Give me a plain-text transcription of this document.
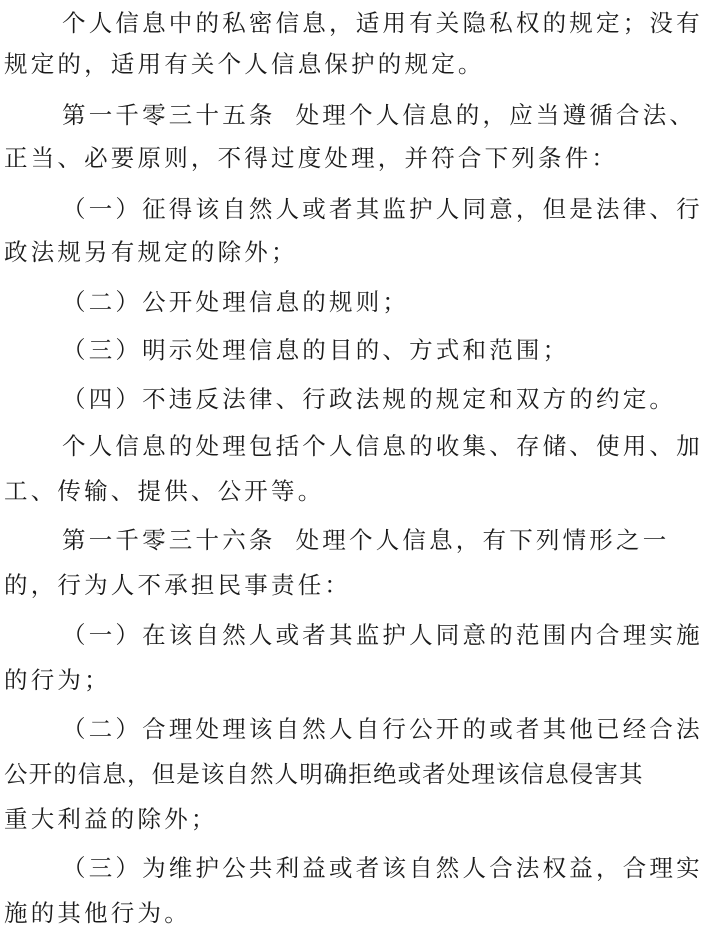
个人信息中的私密信息，适用有关隐私权的规定；没有
规定的，适用有关个人信息保护的规定。
第一千零三十五条 处理个人信息的，应当遵循合法、
正当、必要原则，不得过度处理，并符合下列条件：
（一）征得该自然人或者其监护人同意，但是法律、行
政法规另有规定的除外；
（二）公开处理信息的规则；
（三）明示处理信息的目的、方式和范围；
（四）不违反法律、行政法规的规定和双方的约定。
个人信息的处理包括个人信息的收集、存储、使用、加
工、传输、提供、公开等。
第一千零三十六条 处理个人信息，有下列情形之一
的，行为人不承担民事责任：
（一）在该自然人或者其监护人同意的范围内合理实施
的行为；
（二）合理处理该自然人自行公开的或者其他已经合法
公开的信息，但是该自然人明确拒绝或者处理该信息侵害其
重大利益的除外；
（三）为维护公共利益或者该自然人合法权益，合理实
施的其他行为。
